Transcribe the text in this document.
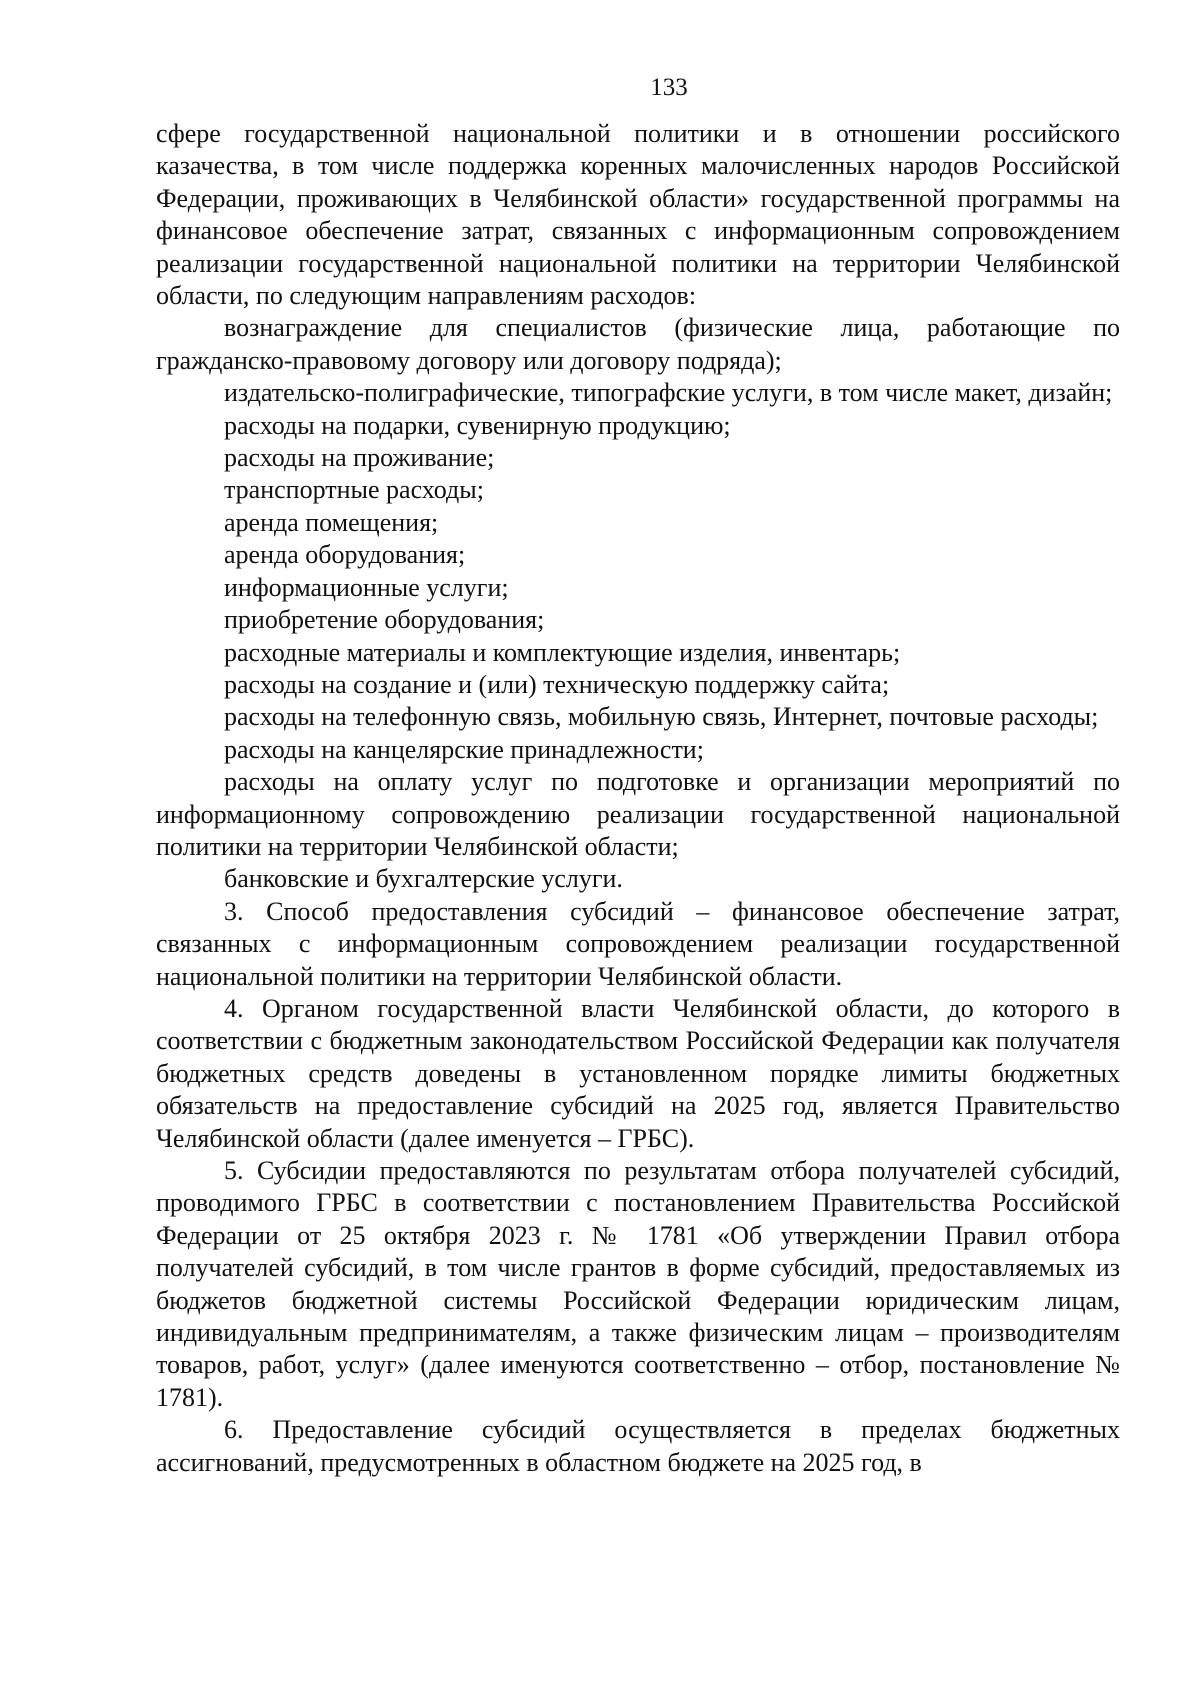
133

сфере государственной национальной политики и в отношении российского казачества, в том числе поддержка коренных малочисленных народов Российской Федерации, проживающих в Челябинской области» государственной программы на финансовое обеспечение затрат, связанных с информационным сопровождением реализации государственной национальной политики на территории Челябинской области, по следующим направлениям расходов:

вознаграждение для специалистов (физические лица, работающие по гражданско-правовому договору или договору подряда);

издательско-полиграфические, типографские услуги, в том числе макет, дизайн;

расходы на подарки, сувенирную продукцию;

расходы на проживание;

транспортные расходы;

аренда помещения;

аренда оборудования;

информационные услуги;

приобретение оборудования;

расходные материалы и комплектующие изделия, инвентарь;

расходы на создание и (или) техническую поддержку сайта;

расходы на телефонную связь, мобильную связь, Интернет, почтовые расходы;

расходы на канцелярские принадлежности;

расходы на оплату услуг по подготовке и организации мероприятий по информационному сопровождению реализации государственной национальной политики на территории Челябинской области;

банковские и бухгалтерские услуги.

3. Способ предоставления субсидий – финансовое обеспечение затрат, связанных с информационным сопровождением реализации государственной национальной политики на территории Челябинской области.

4. Органом государственной власти Челябинской области, до которого в соответствии с бюджетным законодательством Российской Федерации как получателя бюджетных средств доведены в установленном порядке лимиты бюджетных обязательств на предоставление субсидий на 2025 год, является Правительство Челябинской области (далее именуется – ГРБС).

5. Субсидии предоставляются по результатам отбора получателей субсидий, проводимого ГРБС в соответствии с постановлением Правительства Российской Федерации от 25 октября 2023 г. № 1781 «Об утверждении Правил отбора получателей субсидий, в том числе грантов в форме субсидий, предоставляемых из бюджетов бюджетной системы Российской Федерации юридическим лицам, индивидуальным предпринимателям, а также физическим лицам – производителям товаров, работ, услуг» (далее именуются соответственно – отбор, постановление № 1781).

6. Предоставление субсидий осуществляется в пределах бюджетных ассигнований, предусмотренных в областном бюджете на 2025 год, в
